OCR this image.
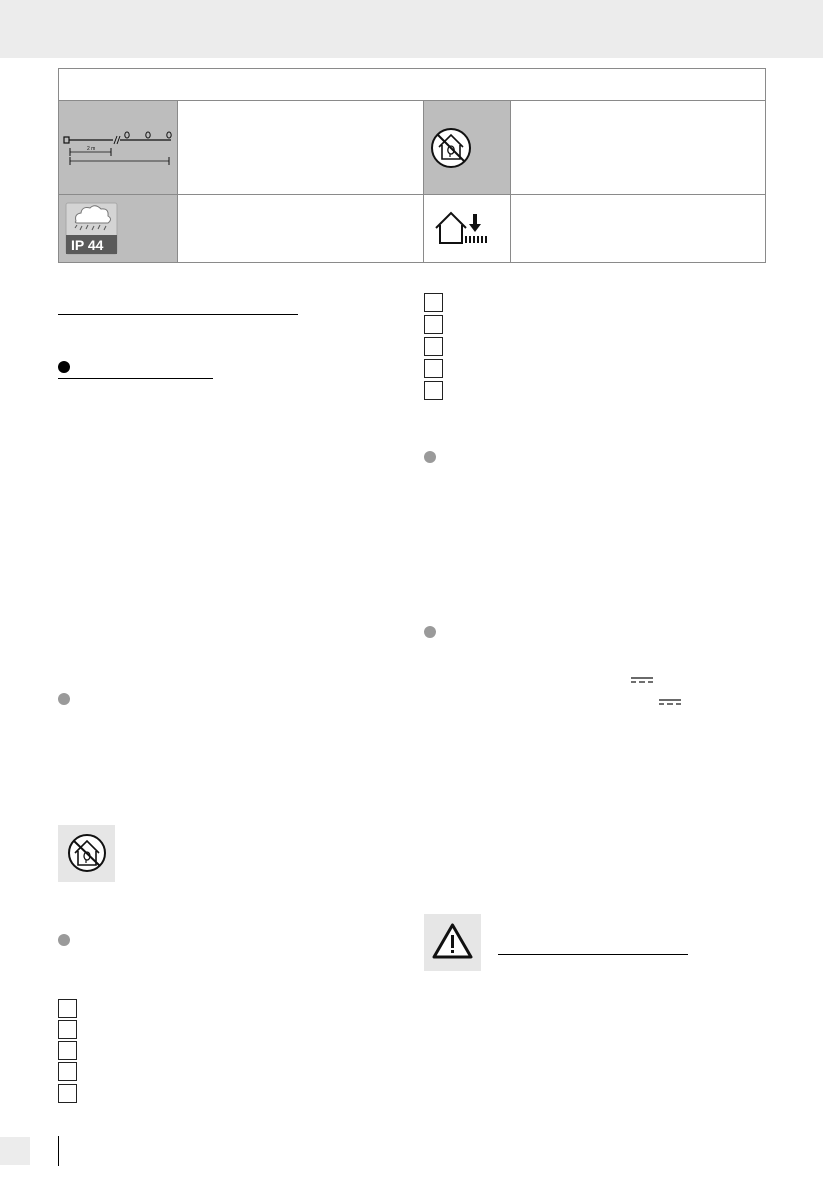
2 m
IP 44
